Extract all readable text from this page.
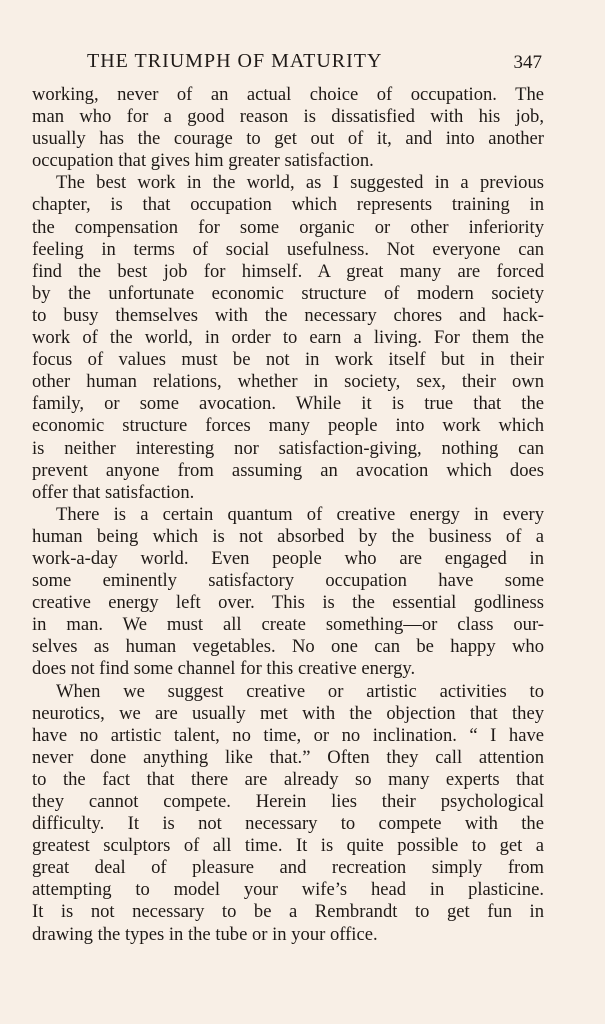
THE TRIUMPH OF MATURITY	347
working, never of an actual choice of occupation. The
man who for a good reason is dissatisfied with his job,
usually has the courage to get out of it, and into another
occupation that gives him greater satisfaction.
The best work in the world, as I suggested in a previous
chapter, is that occupation which represents training in
the compensation for some organic or other inferiority
feeling in terms of social usefulness. Not everyone can
find the best job for himself. A great many are forced
by the unfortunate economic structure of modern society
to busy themselves with the necessary chores and hack-
work of the world, in order to earn a living. For them the
focus of values must be not in work itself but in their
other human relations, whether in society, sex, their own
family, or some avocation. While it is true that the
economic structure forces many people into work which
is neither interesting nor satisfaction-giving, nothing can
prevent anyone from assuming an avocation which does
offer that satisfaction.
There is a certain quantum of creative energy in every
human being which is not absorbed by the business of a
work-a-day world. Even people who are engaged in
some eminently satisfactory occupation have some
creative energy left over. This is the essential godliness
in man. We must all create something—or class our-
selves as human vegetables. No one can be happy who
does not find some channel for this creative energy.
When we suggest creative or artistic activities to
neurotics, we are usually met with the objection that they
have no artistic talent, no time, or no inclination. “ I have
never done anything like that.” Often they call attention
to the fact that there are already so many experts that
they cannot compete. Herein lies their psychological
difficulty. It is not necessary to compete with the
greatest sculptors of all time. It is quite possible to get a
great deal of pleasure and recreation simply from
attempting to model your wife’s head in plasticine.
It is not necessary to be a Rembrandt to get fun in
drawing the types in the tube or in your office.
